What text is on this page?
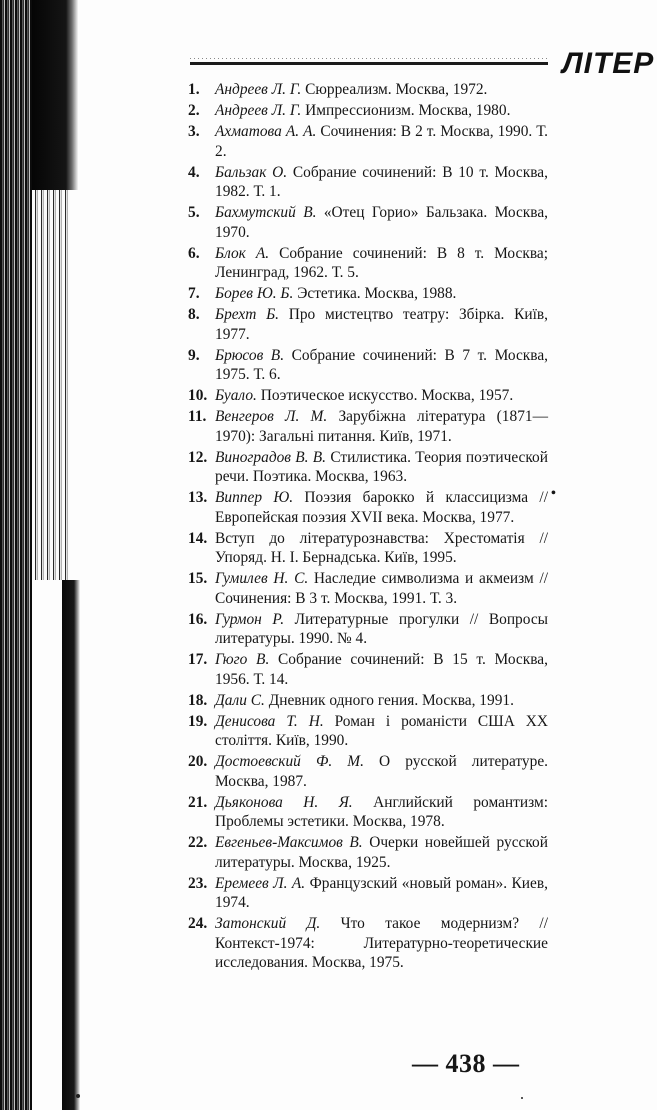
ЛІТЕР
1. Андреев Л. Г. Сюрреализм. Москва, 1972.
2. Андреев Л. Г. Импрессионизм. Москва, 1980.
3. Ахматова А. А. Сочинения: В 2 т. Москва, 1990. Т. 2.
4. Бальзак О. Собрание сочинений: В 10 т. Москва, 1982. Т. 1.
5. Бахмутский В. «Отец Горио» Бальзака. Москва, 1970.
6. Блок А. Собрание сочинений: В 8 т. Москва; Ленинград, 1962. Т. 5.
7. Борев Ю. Б. Эстетика. Москва, 1988.
8. Брехт Б. Про мистецтво театру: Збірка. Київ, 1977.
9. Брюсов В. Собрание сочинений: В 7 т. Москва, 1975. Т. 6.
10. Буало. Поэтическое искусство. Москва, 1957.
11. Венгеров Л. М. Зарубіжна література (1871—1970): Загальні питання. Київ, 1971.
12. Виноградов В. В. Стилистика. Теория поэтической речи. Поэтика. Москва, 1963.
13. Виппер Ю. Поэзия барокко й классицизма // Европейская поэзия XVII века. Москва, 1977.
14. Вступ до літературознавства: Хрестоматія // Упоряд. Н. І. Бернадська. Київ, 1995.
15. Гумилев Н. С. Наследие символизма и акмеизм // Сочинения: В 3 т. Москва, 1991. Т. 3.
16. Гурмон Р. Литературные прогулки // Вопросы литературы. 1990. № 4.
17. Гюго В. Собрание сочинений: В 15 т. Москва, 1956. Т. 14.
18. Дали С. Дневник одного гения. Москва, 1991.
19. Денисова Т. Н. Роман і романісти США XX століття. Київ, 1990.
20. Достоевский Ф. М. О русской литературе. Москва, 1987.
21. Дьяконова Н. Я. Английский романтизм: Проблемы эстетики. Москва, 1978.
22. Евгеньев-Максимов В. Очерки новейшей русской литературы. Москва, 1925.
23. Еремеев Л. А. Французский «новый роман». Киев, 1974.
24. Затонский Д. Что такое модернизм? // Контекст-1974: Литературно-теоретические исследования. Москва, 1975.
•

— 438 —
